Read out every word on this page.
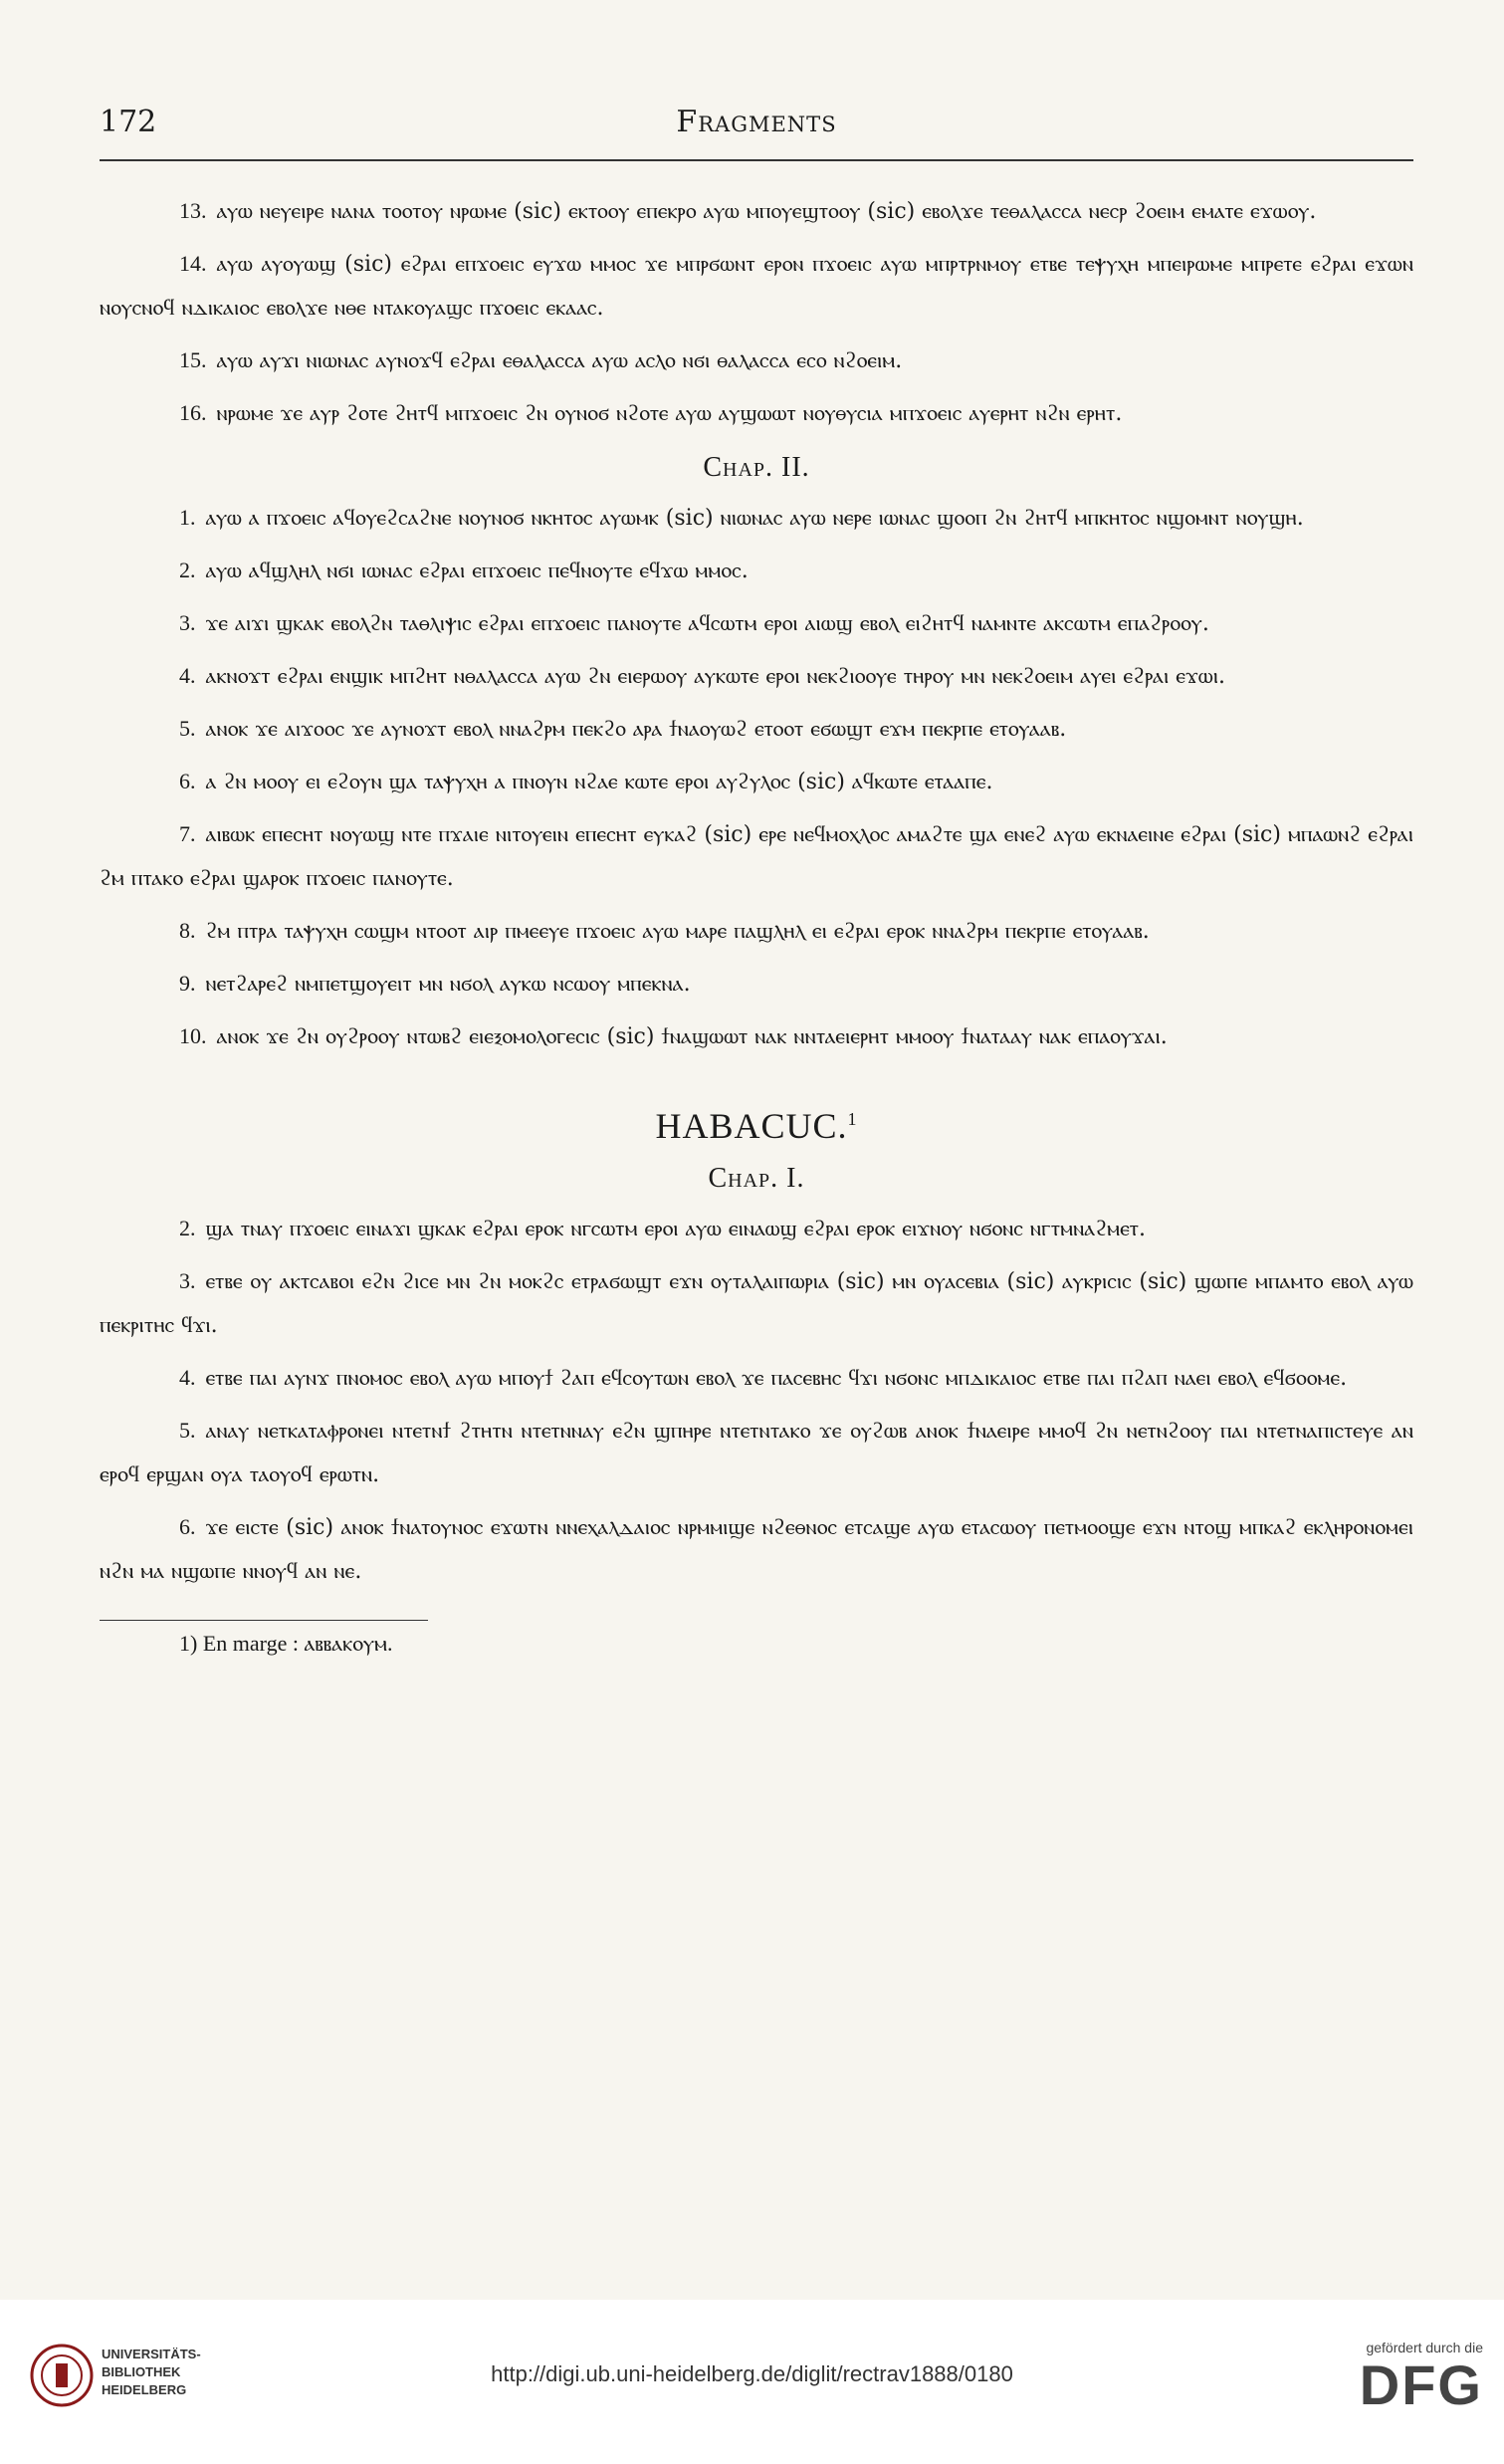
172	Fragments

13. ⲁⲩⲱ ⲛⲉⲩⲉⲓⲣⲉ ⲛⲁⲛⲁ ⲧⲟⲟⲧⲟⲩ ⲛⲣⲱⲙⲉ (sic) ⲉⲕⲧⲟⲟⲩ ⲉⲡⲉⲕⲣⲟ ⲁⲩⲱ ⲙⲡⲟⲩⲉϣⲧⲟⲟⲩ (sic) ⲉⲃⲟⲗϫⲉ ⲧⲉⲑⲁⲗⲁⲥⲥⲁ ⲛⲉⲥⲣ ϩⲟⲉⲓⲙ ⲉⲙⲁⲧⲉ ⲉϫⲱⲟⲩ.

14. ⲁⲩⲱ ⲁⲩⲟⲩⲱϣ (sic) ⲉϩⲣⲁⲓ ⲉⲡϫⲟⲉⲓⲥ ⲉⲩϫⲱ ⲙⲙⲟⲥ ϫⲉ ⲙⲡⲣϭⲱⲛⲧ ⲉⲣⲟⲛ ⲡϫⲟⲉⲓⲥ ⲁⲩⲱ ⲙⲡⲣⲧⲣⲛⲙⲟⲩ ⲉⲧⲃⲉ ⲧⲉⲯⲩⲭⲏ ⲙⲡⲉⲓⲣⲱⲙⲉ ⲙⲡⲣⲉⲧⲉ ⲉϩⲣⲁⲓ ⲉϫⲱⲛ ⲛⲟⲩⲥⲛⲟϥ ⲛⲇⲓⲕⲁⲓⲟⲥ ⲉⲃⲟⲗϫⲉ ⲛⲑⲉ ⲛⲧⲁⲕⲟⲩⲁϣⲥ ⲡϫⲟⲉⲓⲥ ⲉⲕⲁⲁⲥ.

15. ⲁⲩⲱ ⲁⲩϫⲓ ⲛⲓⲱⲛⲁⲥ ⲁⲩⲛⲟϫϥ ⲉϩⲣⲁⲓ ⲉⲑⲁⲗⲁⲥⲥⲁ ⲁⲩⲱ ⲁⲥⲗⲟ ⲛϭⲓ ⲑⲁⲗⲁⲥⲥⲁ ⲉⲥⲟ ⲛϩⲟⲉⲓⲙ.

16. ⲛⲣⲱⲙⲉ ϫⲉ ⲁⲩⲣ ϩⲟⲧⲉ ϩⲏⲧϥ ⲙⲡϫⲟⲉⲓⲥ ϩⲛ ⲟⲩⲛⲟϭ ⲛϩⲟⲧⲉ ⲁⲩⲱ ⲁⲩϣⲱⲱⲧ ⲛⲟⲩⲑⲩⲥⲓⲁ ⲙⲡϫⲟⲉⲓⲥ ⲁⲩⲉⲣⲏⲧ ⲛϩⲛ ⲉⲣⲏⲧ.

Chap. II.

1. ⲁⲩⲱ ⲁ ⲡϫⲟⲉⲓⲥ ⲁϥⲟⲩⲉϩⲥⲁϩⲛⲉ ⲛⲟⲩⲛⲟϭ ⲛⲕⲏⲧⲟⲥ ⲁⲩⲱⲙⲕ (sic) ⲛⲓⲱⲛⲁⲥ ⲁⲩⲱ ⲛⲉⲣⲉ ⲓⲱⲛⲁⲥ ϣⲟⲟⲡ ϩⲛ ϩⲏⲧϥ ⲙⲡⲕⲏⲧⲟⲥ ⲛϣⲟⲙⲛⲧ ⲛⲟⲩϣⲏ.

2. ⲁⲩⲱ ⲁϥϣⲗⲏⲗ ⲛϭⲓ ⲓⲱⲛⲁⲥ ⲉϩⲣⲁⲓ ⲉⲡϫⲟⲉⲓⲥ ⲡⲉϥⲛⲟⲩⲧⲉ ⲉϥϫⲱ ⲙⲙⲟⲥ.

3. ϫⲉ ⲁⲓϫⲓ ϣⲕⲁⲕ ⲉⲃⲟⲗϩⲛ ⲧⲁⲑⲗⲓⲯⲓⲥ ⲉϩⲣⲁⲓ ⲉⲡϫⲟⲉⲓⲥ ⲡⲁⲛⲟⲩⲧⲉ ⲁϥⲥⲱⲧⲙ ⲉⲣⲟⲓ ⲁⲓⲱϣ ⲉⲃⲟⲗ ⲉⲓϩⲏⲧϥ ⲛⲁⲙⲛⲧⲉ ⲁⲕⲥⲱⲧⲙ ⲉⲡⲁϩⲣⲟⲟⲩ.

4. ⲁⲕⲛⲟϫⲧ ⲉϩⲣⲁⲓ ⲉⲛϣⲓⲕ ⲙⲡϩⲏⲧ ⲛⲑⲁⲗⲁⲥⲥⲁ ⲁⲩⲱ ϩⲛ ⲉⲓⲉⲣⲱⲟⲩ ⲁⲩⲕⲱⲧⲉ ⲉⲣⲟⲓ ⲛⲉⲕϩⲓⲟⲟⲩⲉ ⲧⲏⲣⲟⲩ ⲙⲛ ⲛⲉⲕϩⲟⲉⲓⲙ ⲁⲩⲉⲓ ⲉϩⲣⲁⲓ ⲉϫⲱⲓ.

5. ⲁⲛⲟⲕ ϫⲉ ⲁⲓϫⲟⲟⲥ ϫⲉ ⲁⲩⲛⲟϫⲧ ⲉⲃⲟⲗ ⲛⲛⲁϩⲣⲙ ⲡⲉⲕϩⲟ ⲁⲣⲁ ϯⲛⲁⲟⲩⲱϩ ⲉⲧⲟⲟⲧ ⲉϭⲱϣⲧ ⲉϫⲙ ⲡⲉⲕⲣⲡⲉ ⲉⲧⲟⲩⲁⲁⲃ.

6. ⲁ ϩⲛ ⲙⲟⲟⲩ ⲉⲓ ⲉϩⲟⲩⲛ ϣⲁ ⲧⲁⲯⲩⲭⲏ ⲁ ⲡⲛⲟⲩⲛ ⲛϩⲁⲉ ⲕⲱⲧⲉ ⲉⲣⲟⲓ ⲁⲩϩⲩⲗⲟⲥ (sic) ⲁϥⲕⲱⲧⲉ ⲉⲧⲁⲁⲡⲉ.

7. ⲁⲓⲃⲱⲕ ⲉⲡⲉⲥⲏⲧ ⲛⲟⲩⲱϣ ⲛⲧⲉ ⲡϫⲁⲓⲉ ⲛⲓⲧⲟⲩⲉⲓⲛ ⲉⲡⲉⲥⲏⲧ ⲉⲩⲕⲁϩ (sic) ⲉⲣⲉ ⲛⲉϥⲙⲟⲭⲗⲟⲥ ⲁⲙⲁϩⲧⲉ ϣⲁ ⲉⲛⲉϩ ⲁⲩⲱ ⲉⲕⲛⲁⲉⲓⲛⲉ ⲉϩⲣⲁⲓ (sic) ⲙⲡⲁⲱⲛϩ ⲉϩⲣⲁⲓ ϩⲙ ⲡⲧⲁⲕⲟ ⲉϩⲣⲁⲓ ϣⲁⲣⲟⲕ ⲡϫⲟⲉⲓⲥ ⲡⲁⲛⲟⲩⲧⲉ.

8. ϩⲙ ⲡⲧⲣⲁ ⲧⲁⲯⲩⲭⲏ ⲥⲱϣⲙ ⲛⲧⲟⲟⲧ ⲁⲓⲣ ⲡⲙⲉⲉⲩⲉ ⲡϫⲟⲉⲓⲥ ⲁⲩⲱ ⲙⲁⲣⲉ ⲡⲁϣⲗⲏⲗ ⲉⲓ ⲉϩⲣⲁⲓ ⲉⲣⲟⲕ ⲛⲛⲁϩⲣⲙ ⲡⲉⲕⲣⲡⲉ ⲉⲧⲟⲩⲁⲁⲃ.

9. ⲛⲉⲧϩⲁⲣⲉϩ ⲛⲙⲡⲉⲧϣⲟⲩⲉⲓⲧ ⲙⲛ ⲛϭⲟⲗ ⲁⲩⲕⲱ ⲛⲥⲱⲟⲩ ⲙⲡⲉⲕⲛⲁ.

10. ⲁⲛⲟⲕ ϫⲉ ϩⲛ ⲟⲩϩⲣⲟⲟⲩ ⲛⲧⲱⲃϩ ⲉⲓⲉⲝⲟⲙⲟⲗⲟⲅⲉⲥⲓⲥ (sic) ϯⲛⲁϣⲱⲱⲧ ⲛⲁⲕ ⲛⲛⲧⲁⲉⲓⲉⲣⲏⲧ ⲙⲙⲟⲟⲩ ϯⲛⲁⲧⲁⲁⲩ ⲛⲁⲕ ⲉⲡⲁⲟⲩϫⲁⲓ.

HABACUC.$^1$
Chap. I.

2. ϣⲁ ⲧⲛⲁⲩ ⲡϫⲟⲉⲓⲥ ⲉⲓⲛⲁϫⲓ ϣⲕⲁⲕ ⲉϩⲣⲁⲓ ⲉⲣⲟⲕ ⲛⲅⲥⲱⲧⲙ ⲉⲣⲟⲓ ⲁⲩⲱ ⲉⲓⲛⲁⲱϣ ⲉϩⲣⲁⲓ ⲉⲣⲟⲕ ⲉⲓϫⲛⲟⲩ ⲛϭⲟⲛⲥ ⲛⲅⲧⲙⲛⲁϩⲙⲉⲧ.

3. ⲉⲧⲃⲉ ⲟⲩ ⲁⲕⲧⲥⲁⲃⲟⲓ ⲉϩⲛ ϩⲓⲥⲉ ⲙⲛ ϩⲛ ⲙⲟⲕϩⲥ ⲉⲧⲣⲁϭⲱϣⲧ ⲉϫⲛ ⲟⲩⲧⲁⲗⲁⲓⲡⲱⲣⲓⲁ (sic) ⲙⲛ ⲟⲩⲁⲥⲉⲃⲓⲁ (sic) ⲁⲩⲕⲣⲓⲥⲓⲥ (sic) ϣⲱⲡⲉ ⲙⲡⲁⲙⲧⲟ ⲉⲃⲟⲗ ⲁⲩⲱ ⲡⲉⲕⲣⲓⲧⲏⲥ ϥϫⲓ.

4. ⲉⲧⲃⲉ ⲡⲁⲓ ⲁⲩⲛϫ ⲡⲛⲟⲙⲟⲥ ⲉⲃⲟⲗ ⲁⲩⲱ ⲙⲡⲟⲩϯ ϩⲁⲡ ⲉϥⲥⲟⲩⲧⲱⲛ ⲉⲃⲟⲗ ϫⲉ ⲡⲁⲥⲉⲃⲏⲥ ϥϫⲓ ⲛϭⲟⲛⲥ ⲙⲡⲇⲓⲕⲁⲓⲟⲥ ⲉⲧⲃⲉ ⲡⲁⲓ ⲡϩⲁⲡ ⲛⲁⲉⲓ ⲉⲃⲟⲗ ⲉϥϭⲟⲟⲙⲉ.

5. ⲁⲛⲁⲩ ⲛⲉⲧⲕⲁⲧⲁⲫⲣⲟⲛⲉⲓ ⲛⲧⲉⲧⲛϯ ϩⲧⲏⲧⲛ ⲛⲧⲉⲧⲛⲛⲁⲩ ⲉϩⲛ ϣⲡⲏⲣⲉ ⲛⲧⲉⲧⲛⲧⲁⲕⲟ ϫⲉ ⲟⲩϩⲱⲃ ⲁⲛⲟⲕ ϯⲛⲁⲉⲓⲣⲉ ⲙⲙⲟϥ ϩⲛ ⲛⲉⲧⲛϩⲟⲟⲩ ⲡⲁⲓ ⲛⲧⲉⲧⲛⲁⲡⲓⲥⲧⲉⲩⲉ ⲁⲛ ⲉⲣⲟϥ ⲉⲣϣⲁⲛ ⲟⲩⲁ ⲧⲁⲟⲩⲟϥ ⲉⲣⲱⲧⲛ.

6. ϫⲉ ⲉⲓⲥⲧⲉ (sic) ⲁⲛⲟⲕ ϯⲛⲁⲧⲟⲩⲛⲟⲥ ⲉϫⲱⲧⲛ ⲛⲛⲉⲭⲁⲗⲇⲁⲓⲟⲥ ⲛⲣⲙⲙⲓϣⲉ ⲛϩⲉⲑⲛⲟⲥ ⲉⲧⲥⲁϣⲉ ⲁⲩⲱ ⲉⲧⲁⲥⲱⲟⲩ ⲡⲉⲧⲙⲟⲟϣⲉ ⲉϫⲛ ⲛⲧⲟϣ ⲙⲡⲕⲁϩ ⲉⲕⲗⲏⲣⲟⲛⲟⲙⲉⲓ ⲛϩⲛ ⲙⲁ ⲛϣⲱⲡⲉ ⲛⲛⲟⲩϥ ⲁⲛ ⲛⲉ.

1) En marge : ⲁⲃⲃⲁⲕⲟⲩⲙ.
UNIVERSITÄTS-
BIBLIOTHEK
HEIDELBERG
http://digi.ub.uni-heidelberg.de/diglit/rectrav1888/0180
gefördert durch die
DFG
